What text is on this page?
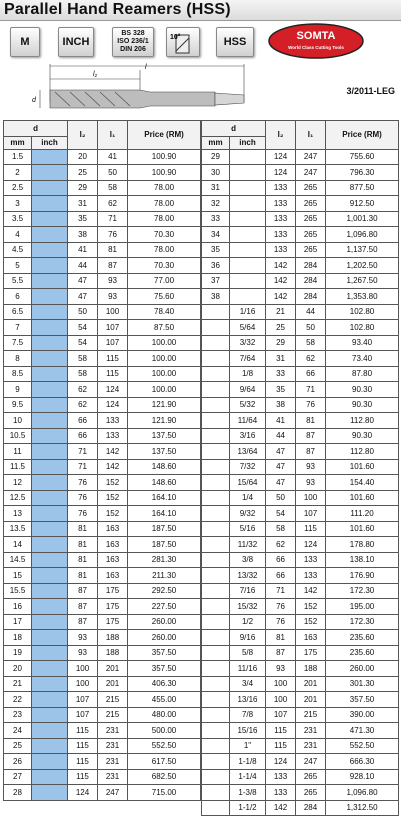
Parallel Hand Reamers (HSS)
M	INCH
BS 328
ISO 236/1
DIN 206
10°	HSS	SOMTA
World Class Cutting Tools
l
l₂
d
3/2011-LEG
d		l₂	l₁	Price (RM)
mm	inch			
1.5		20	41	100.90
2		25	50	100.90
2.5		29	58	78.00
3		31	62	78.00
3.5		35	71	78.00
4		38	76	70.30
4.5		41	81	78.00
5		44	87	70.30
5.5		47	93	77.00
6		47	93	75.60
6.5		50	100	78.40
7		54	107	87.50
7.5		54	107	100.00
8		58	115	100.00
8.5		58	115	100.00
9		62	124	100.00
9.5		62	124	121.90
10		66	133	121.90
10.5		66	133	137.50
11		71	142	137.50
11.5		71	142	148.60
12		76	152	148.60
12.5		76	152	164.10
13		76	152	164.10
13.5		81	163	187.50
14		81	163	187.50
14.5		81	163	281.30
15		81	163	211.30
15.5		87	175	292.50
16		87	175	227.50
17		87	175	260.00
18		93	188	260.00
19		93	188	357.50
20		100	201	357.50
21		100	201	406.30
22		107	215	455.00
23		107	215	480.00
24		115	231	500.00
25		115	231	552.50
26		115	231	617.50
27		115	231	682.50
28		124	247	715.00
d		l₂	l₁	Price (RM)
mm	inch			
29		124	247	755.60
30		124	247	796.30
31		133	265	877.50
32		133	265	912.50
33		133	265	1,001.30
34		133	265	1,096.80
35		133	265	1,137.50
36		142	284	1,202.50
37		142	284	1,267.50
38		142	284	1,353.80
	1/16	21	44	102.80
	5/64	25	50	102.80
	3/32	29	58	93.40
	7/64	31	62	73.40
	1/8	33	66	87.80
	9/64	35	71	90.30
	5/32	38	76	90.30
	11/64	41	81	112.80
	3/16	44	87	90.30
	13/64	47	87	112.80
	7/32	47	93	101.60
	15/64	47	93	154.40
	1/4	50	100	101.60
	9/32	54	107	111.20
	5/16	58	115	101.60
	11/32	62	124	178.80
	3/8	66	133	138.10
	13/32	66	133	176.90
	7/16	71	142	172.30
	15/32	76	152	195.00
	1/2	76	152	172.30
	9/16	81	163	235.60
	5/8	87	175	235.60
	11/16	93	188	260.00
	3/4	100	201	301.30
	13/16	100	201	357.50
	7/8	107	215	390.00
	15/16	115	231	471.30
	1"	115	231	552.50
	1-1/8	124	247	666.30
	1-1/4	133	265	928.10
	1-3/8	133	265	1,096.80
	1-1/2	142	284	1,312.50
